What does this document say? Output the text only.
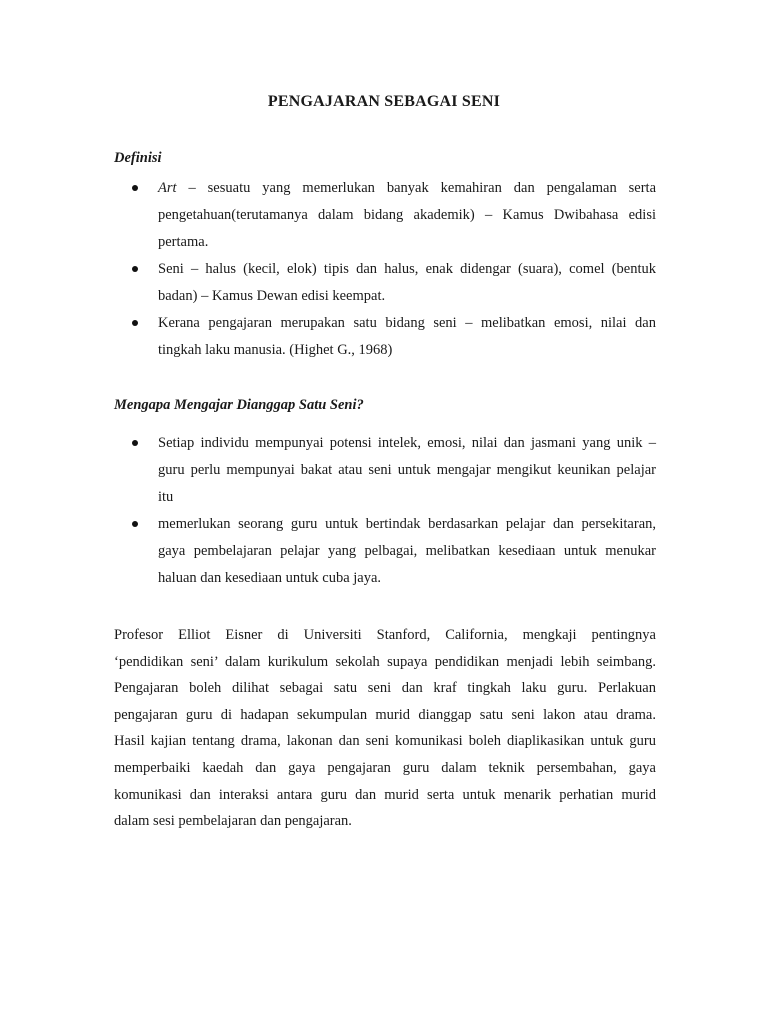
PENGAJARAN SEBAGAI SENI
Definisi
Art – sesuatu yang memerlukan banyak kemahiran dan pengalaman serta
pengetahuan(terutamanya dalam bidang akademik) – Kamus Dwibahasa edisi
pertama.
Seni – halus (kecil, elok) tipis dan halus, enak didengar (suara), comel (bentuk
badan) – Kamus Dewan edisi keempat.
Kerana pengajaran merupakan satu bidang seni – melibatkan emosi, nilai dan
tingkah laku manusia. (Highet G., 1968)
Mengapa Mengajar Dianggap Satu Seni?
Setiap individu mempunyai potensi intelek, emosi, nilai dan jasmani yang unik –
guru perlu mempunyai bakat atau seni untuk mengajar mengikut keunikan pelajar
itu
memerlukan seorang guru untuk bertindak berdasarkan pelajar dan persekitaran,
gaya pembelajaran pelajar yang pelbagai, melibatkan kesediaan untuk menukar
haluan dan kesediaan untuk cuba jaya.

Profesor Elliot Eisner di Universiti Stanford, California, mengkaji pentingnya
‘pendidikan seni’ dalam kurikulum sekolah supaya pendidikan menjadi lebih seimbang.
Pengajaran boleh dilihat sebagai satu seni dan kraf tingkah laku guru. Perlakuan
pengajaran guru di hadapan sekumpulan murid dianggap satu seni lakon atau drama.
Hasil kajian tentang drama, lakonan dan seni komunikasi boleh diaplikasikan untuk guru
memperbaiki kaedah dan gaya pengajaran guru dalam teknik persembahan, gaya
komunikasi dan interaksi antara guru dan murid serta untuk menarik perhatian murid
dalam sesi pembelajaran dan pengajaran.
